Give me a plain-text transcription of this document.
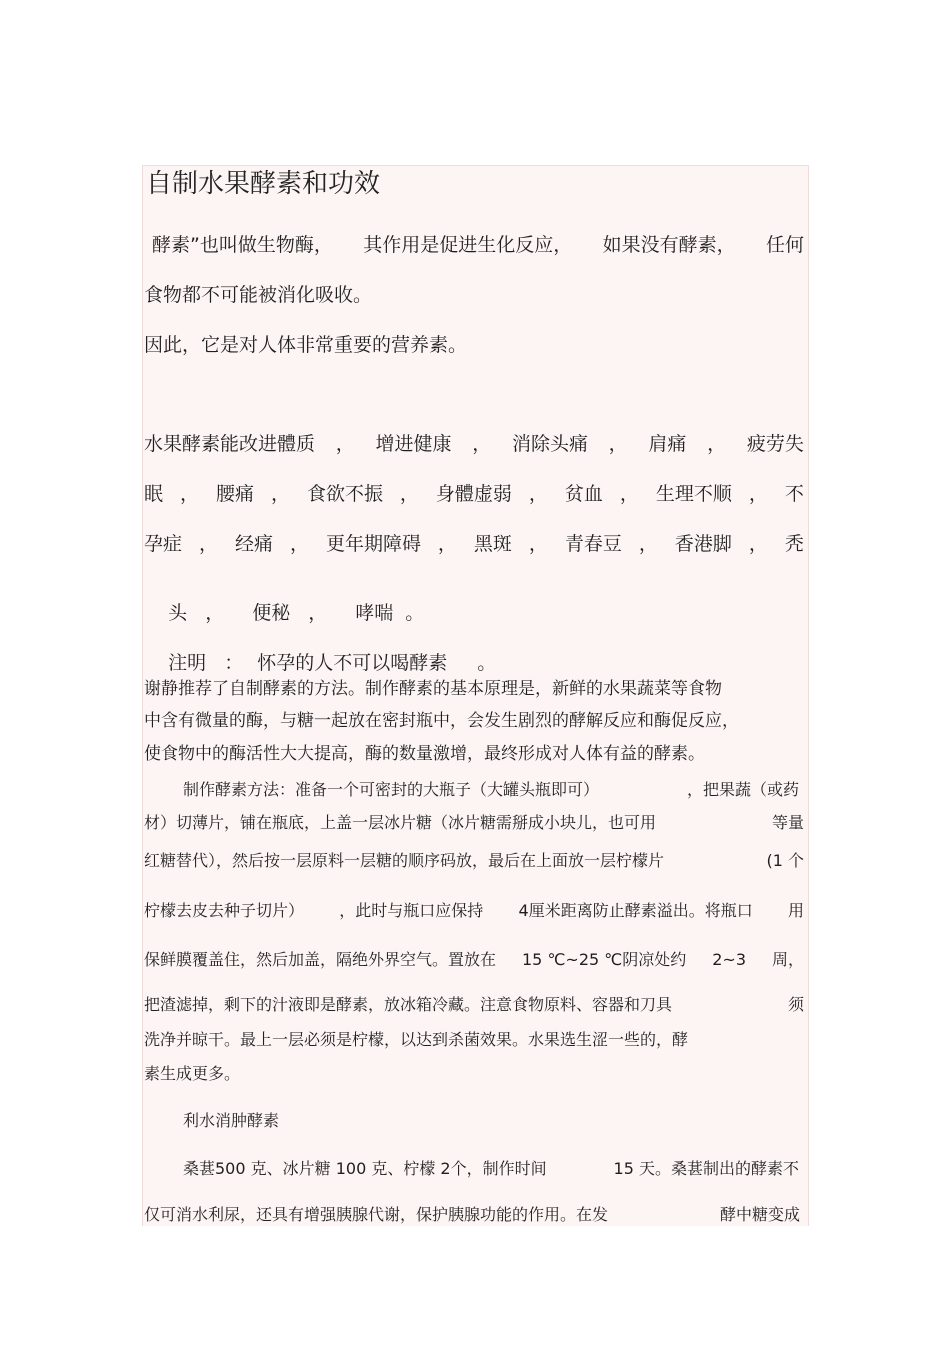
自制水果酵素和功效
酵素”也叫做生物酶， 其作用是促进生化反应， 如果没有酵素， 任何
食物都不可能被消化吸收。
因此，它是对人体非常重要的营养素。
水果酵素能改进體质 ， 增进健康 ， 消除头痛 ， 肩痛 ， 疲劳失
眠 ， 腰痛 ， 食欲不振 ， 身體虚弱 ， 贫血 ， 生理不顺 ， 不
孕症 ， 经痛 ， 更年期障碍 ， 黑斑 ， 青春豆 ， 香港脚 ， 秃

头 ， 便秘 ， 哮喘 。

注明 ： 怀孕的人不可以喝酵素 。

谢静推荐了自制酵素的方法。制作酵素的基本原理是，新鲜的水果蔬菜等食物
中含有微量的酶，与糖一起放在密封瓶中，会发生剧烈的酵解反应和酶促反应，
使食物中的酶活性大大提高，酶的数量激增，最终形成对人体有益的酵素。
制作酵素方法：准备一个可密封的大瓶子（大罐头瓶即可）	，把果蔬（或药
材）切薄片，铺在瓶底，上盖一层冰片糖（冰片糖需掰成小块儿，也可用	等量
红糖替代），然后按一层原料一层糖的顺序码放，最后在上面放一层柠檬片	(1 个
柠檬去皮去种子切片） ，此时与瓶口应保持 4厘米距离防止酵素溢出。将瓶口 用
保鲜膜覆盖住，然后加盖，隔绝外界空气。置放在 15 ℃~25 ℃阴凉处约 2~3 周，
把渣滤掉，剩下的汁液即是酵素，放冰箱冷藏。注意食物原料、容器和刀具	须
洗净并晾干。最上一层必须是柠檬，以达到杀菌效果。水果选生涩一些的，酵
素生成更多。
利水消肿酵素
桑葚500 克、冰片糖 100 克、柠檬 2个，制作时间	15 天。桑葚制出的酵素不
仅可消水利尿，还具有增强胰腺代谢，保护胰腺功能的作用。在发	酵中糖变成
